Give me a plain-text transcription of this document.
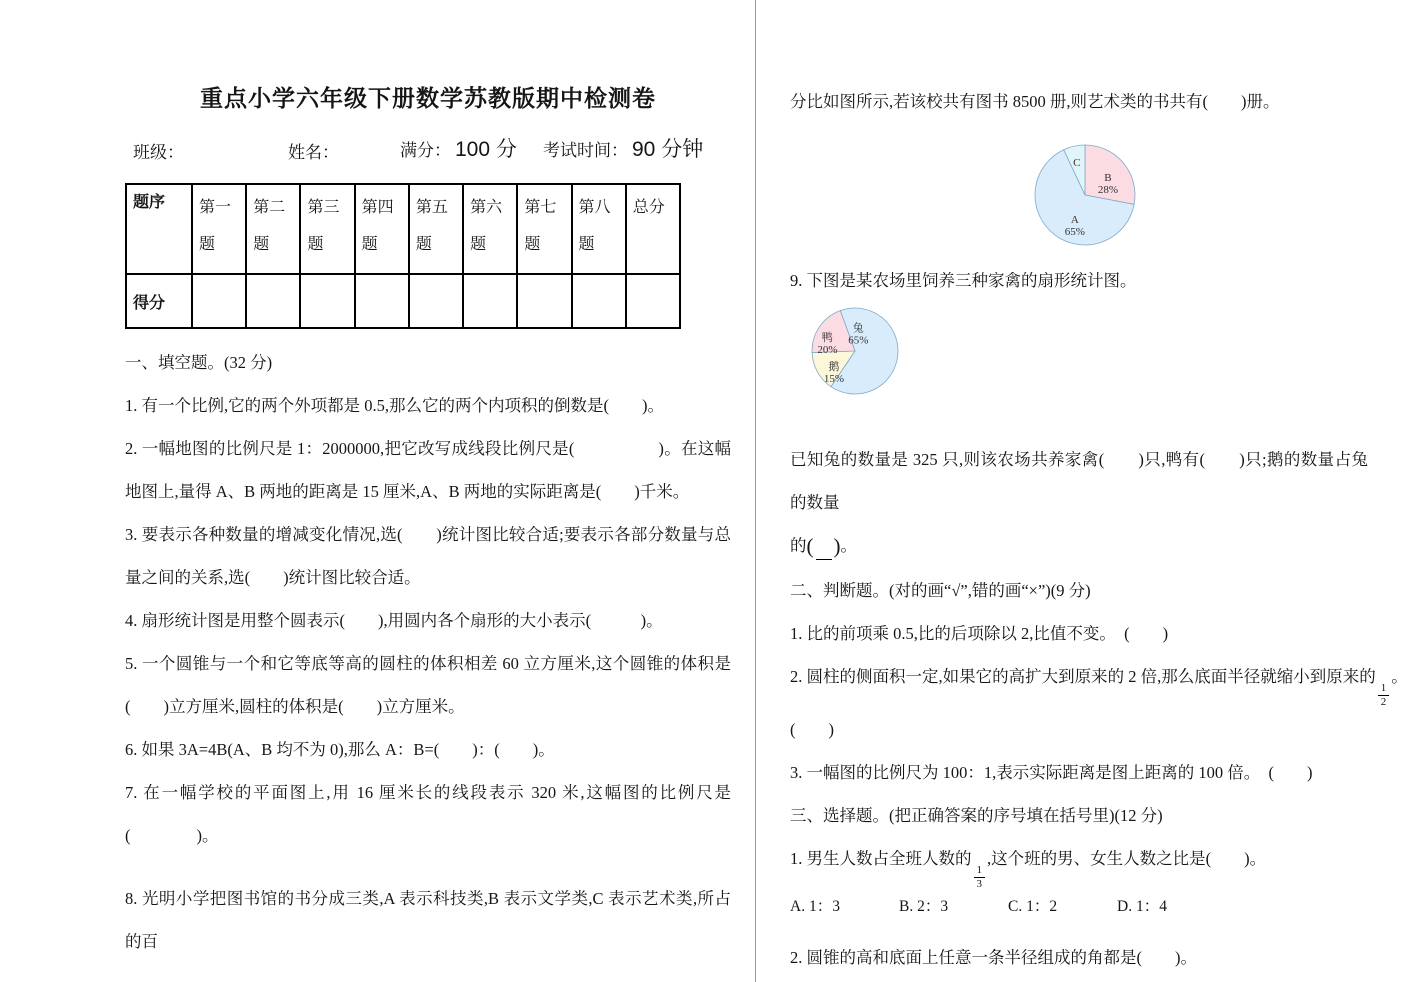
重点小学六年级下册数学苏教版期中检测卷
班级：	姓名：	满分： 100 分 考试时间： 90 分钟
题序	第一题	第二题	第三题	第四题	第五题	第六题	第七题	第八题	总分
得分									

一、填空题。(32 分)

1. 有一个比例,它的两个外项都是 0.5,那么它的两个内项积的倒数是(　　)。

2. 一幅地图的比例尺是 1：2000000,把它改写成线段比例尺是(　　　　　)。在这幅地图上,量得 A、B 两地的距离是 15 厘米,A、B 两地的实际距离是(　　)千米。

3. 要表示各种数量的增减变化情况,选(　　)统计图比较合适;要表示各部分数量与总量之间的关系,选(　　)统计图比较合适。

4. 扇形统计图是用整个圆表示(　　),用圆内各个扇形的大小表示(　　　)。

5. 一个圆锥与一个和它等底等高的圆柱的体积相差 60 立方厘米,这个圆锥的体积是(　　)立方厘米,圆柱的体积是(　　)立方厘米。

6. 如果 3A=4B(A、B 均不为 0),那么 A：B=(　　)：(　　)。

7. 在一幅学校的平面图上,用 16 厘米长的线段表示 320 米,这幅图的比例尺是(　　　　)。

8. 光明小学把图书馆的书分成三类,A 表示科技类,B 表示文学类,C 表示艺术类,所占的百

分比如图所示,若该校共有图书 8500 册,则艺术类的书共有(　　)册。

B
28%
A
65%
C

9. 下图是某农场里饲养三种家禽的扇形统计图。

兔
65%
鹅
15%
鸭
20%

已知兔的数量是 325 只,则该农场共养家禽(　　)只,鸭有(　　)只;鹅的数量占兔的数量

的( )。

二、判断题。(对的画“√”,错的画“×”)(9 分)

1. 比的前项乘 0.5,比的后项除以 2,比值不变。　(　　)

2. 圆柱的侧面积一定,如果它的高扩大到原来的 2 倍,那么底面半径就缩小到原来的
$\frac{1}{2}$
。

(　　)

3. 一幅图的比例尺为 100：1,表示实际距离是图上距离的 100 倍。　(　　)

三、选择题。(把正确答案的序号填在括号里)(12 分)

1. 男生人数占全班人数的
$\frac{1}{3}$
,这个班的男、女生人数之比是(　　)。

A. 1：3	B. 2：3	C. 1：2	D. 1：4

2. 圆锥的高和底面上任意一条半径组成的角都是(　　)。
